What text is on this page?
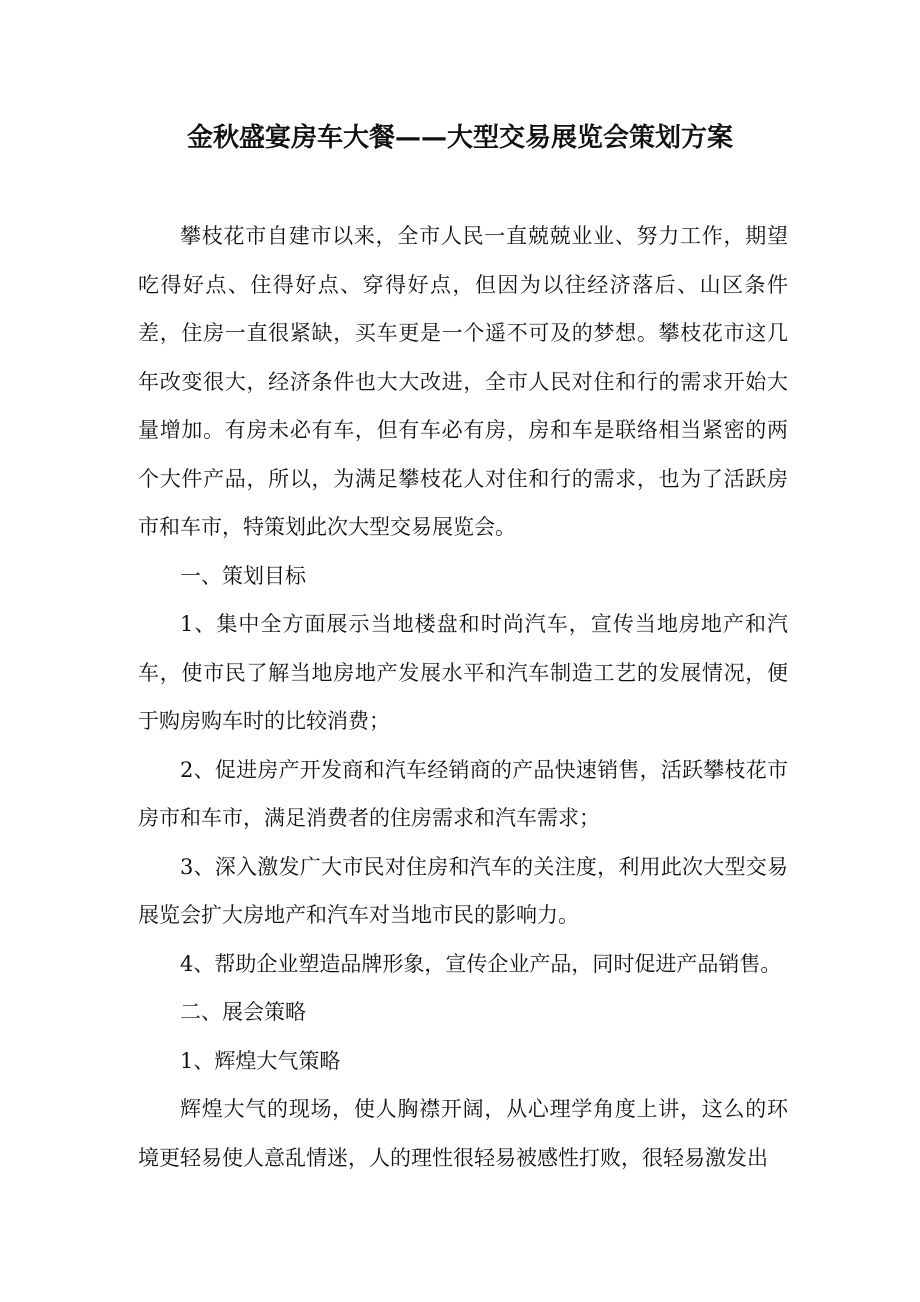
金秋盛宴房车大餐——大型交易展览会策划方案

攀枝花市自建市以来，全市人民一直兢兢业业、努力工作，期望吃得好点、住得好点、穿得好点，但因为以往经济落后、山区条件差，住房一直很紧缺，买车更是一个遥不可及的梦想。攀枝花市这几年改变很大，经济条件也大大改进，全市人民对住和行的需求开始大量增加。有房未必有车，但有车必有房，房和车是联络相当紧密的两个大件产品，所以，为满足攀枝花人对住和行的需求，也为了活跃房市和车市，特策划此次大型交易展览会。

一、策划目标

1、集中全方面展示当地楼盘和时尚汽车，宣传当地房地产和汽车，使市民了解当地房地产发展水平和汽车制造工艺的发展情况，便于购房购车时的比较消费；

2、促进房产开发商和汽车经销商的产品快速销售，活跃攀枝花市房市和车市，满足消费者的住房需求和汽车需求；

3、深入激发广大市民对住房和汽车的关注度，利用此次大型交易展览会扩大房地产和汽车对当地市民的影响力。

4、帮助企业塑造品牌形象，宣传企业产品，同时促进产品销售。

二、展会策略

1、辉煌大气策略

辉煌大气的现场，使人胸襟开阔，从心理学角度上讲，这么的环境更轻易使人意乱情迷，人的理性很轻易被感性打败，很轻易激发出
